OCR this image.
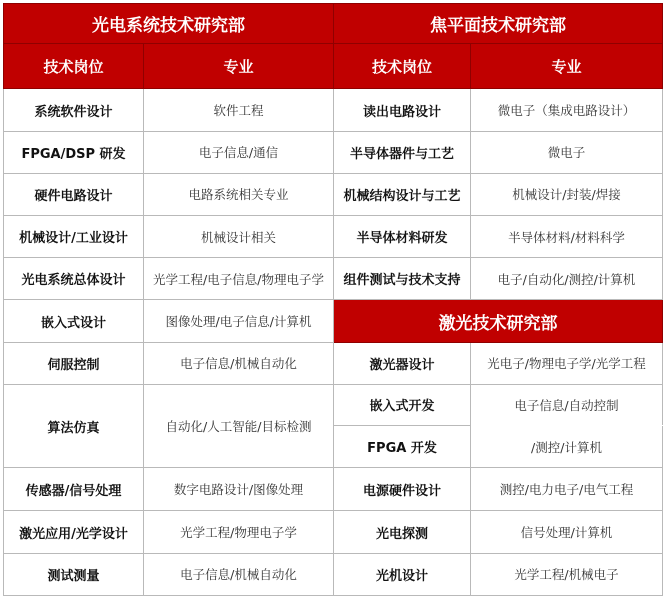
光电系统技术研究部		焦平面技术研究部	
技术岗位	专业	技术岗位	专业
系统软件设计	软件工程	读出电路设计	微电子（集成电路设计）
FPGA/DSP 研发	电子信息/通信	半导体器件与工艺	微电子
硬件电路设计	电路系统相关专业	机械结构设计与工艺	机械设计/封装/焊接
机械设计/工业设计	机械设计相关	半导体材料研发	半导体材料/材料科学
光电系统总体设计	光学工程/电子信息/物理电子学	组件测试与技术支持	电子/自动化/测控/计算机
嵌入式设计	图像处理/电子信息/计算机	激光技术研究部	
伺服控制	电子信息/机械自动化	激光器设计	光电子/物理电子学/光学工程
算法仿真	自动化/人工智能/目标检测	嵌入式开发	电子信息/自动控制
		FPGA 开发	/测控/计算机
传感器/信号处理	数字电路设计/图像处理	电源硬件设计	测控/电力电子/电气工程
激光应用/光学设计	光学工程/物理电子学	光电探测	信号处理/计算机
测试测量	电子信息/机械自动化	光机设计	光学工程/机械电子
